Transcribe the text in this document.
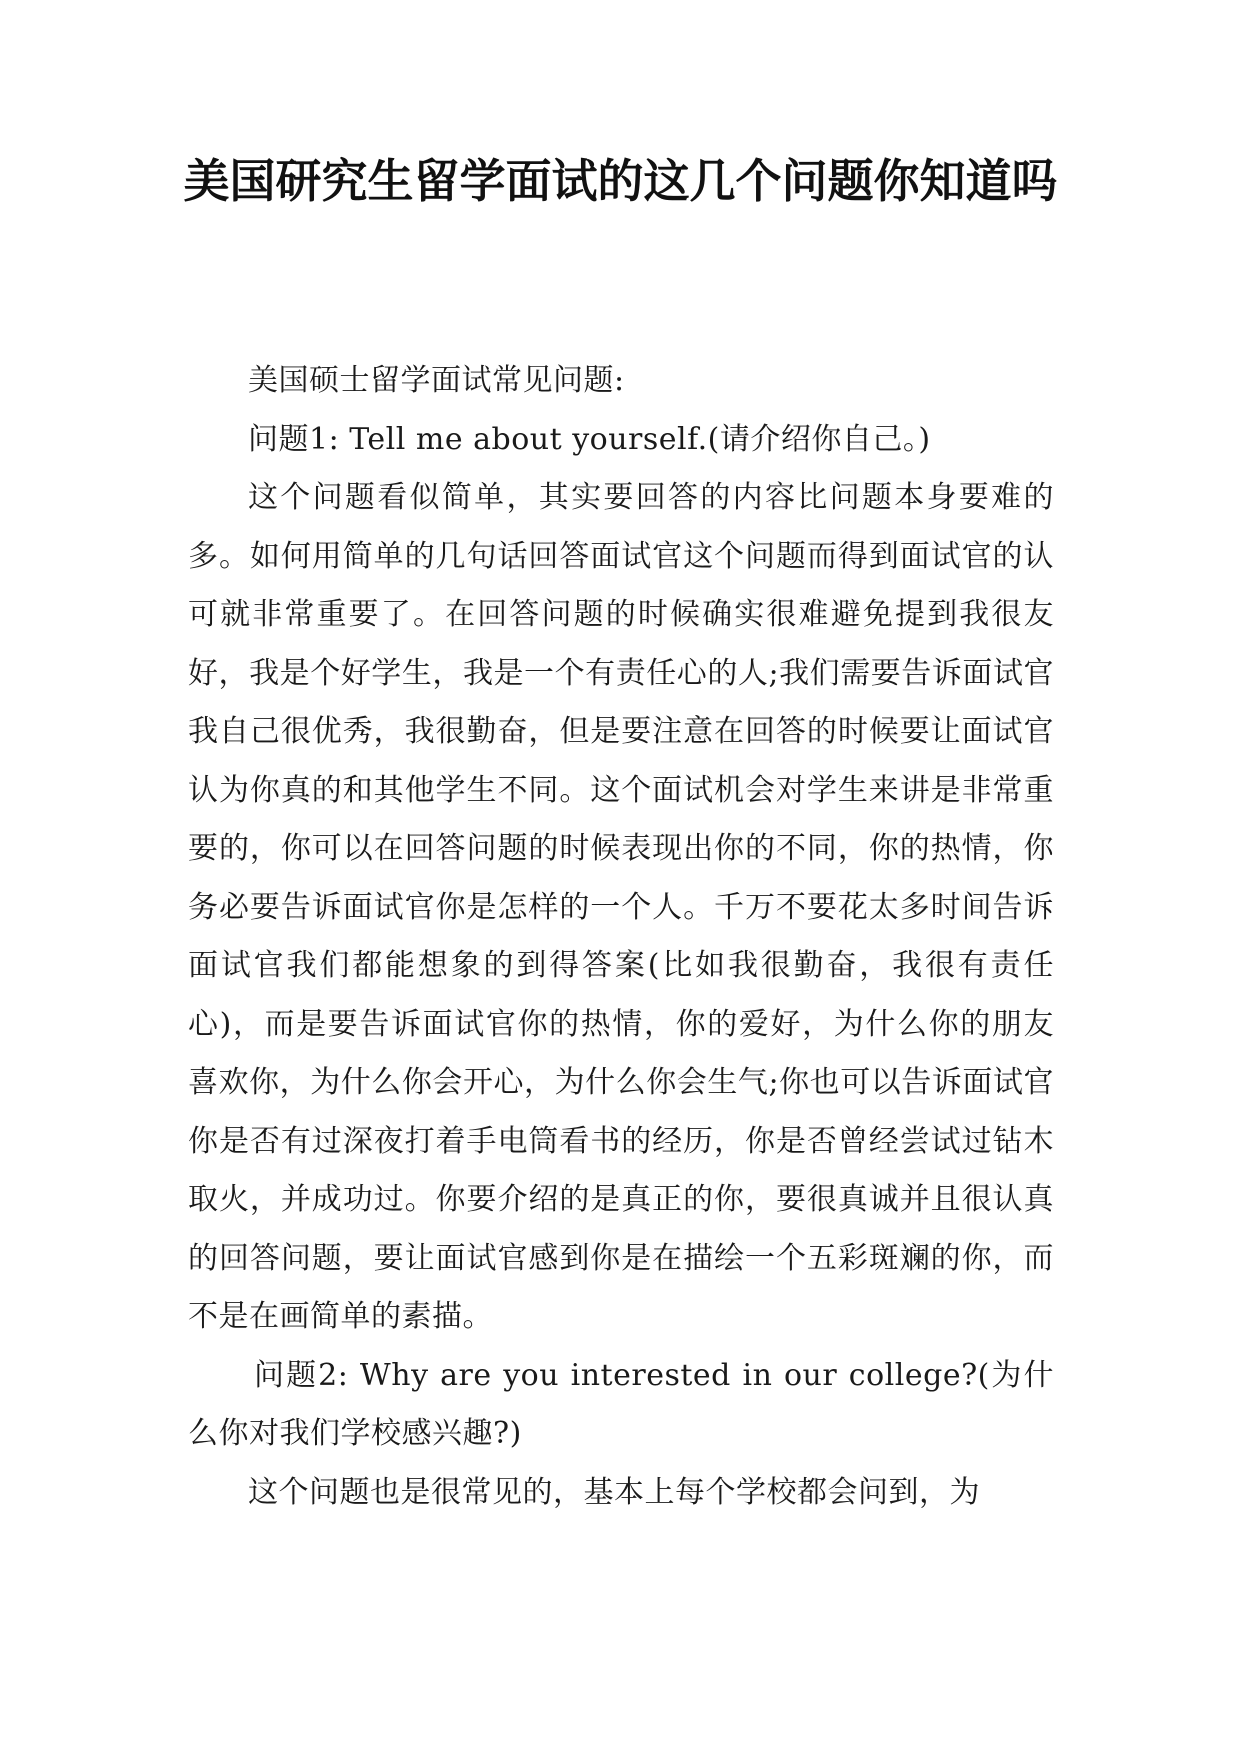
美国研究生留学面试的这几个问题你知道吗

美国硕士留学面试常见问题:

问题1: Tell me about yourself.(请介绍你自己。)

这个问题看似简单，其实要回答的内容比问题本身要难的多。如何用简单的几句话回答面试官这个问题而得到面试官的认可就非常重要了。在回答问题的时候确实很难避免提到我很友好，我是个好学生，我是一个有责任心的人;我们需要告诉面试官我自己很优秀，我很勤奋，但是要注意在回答的时候要让面试官认为你真的和其他学生不同。这个面试机会对学生来讲是非常重要的，你可以在回答问题的时候表现出你的不同，你的热情，你务必要告诉面试官你是怎样的一个人。千万不要花太多时间告诉面试官我们都能想象的到得答案(比如我很勤奋，我很有责任心)，而是要告诉面试官你的热情，你的爱好，为什么你的朋友喜欢你，为什么你会开心，为什么你会生气;你也可以告诉面试官你是否有过深夜打着手电筒看书的经历，你是否曾经尝试过钻木取火，并成功过。你要介绍的是真正的你，要很真诚并且很认真的回答问题，要让面试官感到你是在描绘一个五彩斑斓的你，而不是在画简单的素描。

问题2: Why are you interested in our college?(为什么你对我们学校感兴趣?)

这个问题也是很常见的，基本上每个学校都会问到，为
